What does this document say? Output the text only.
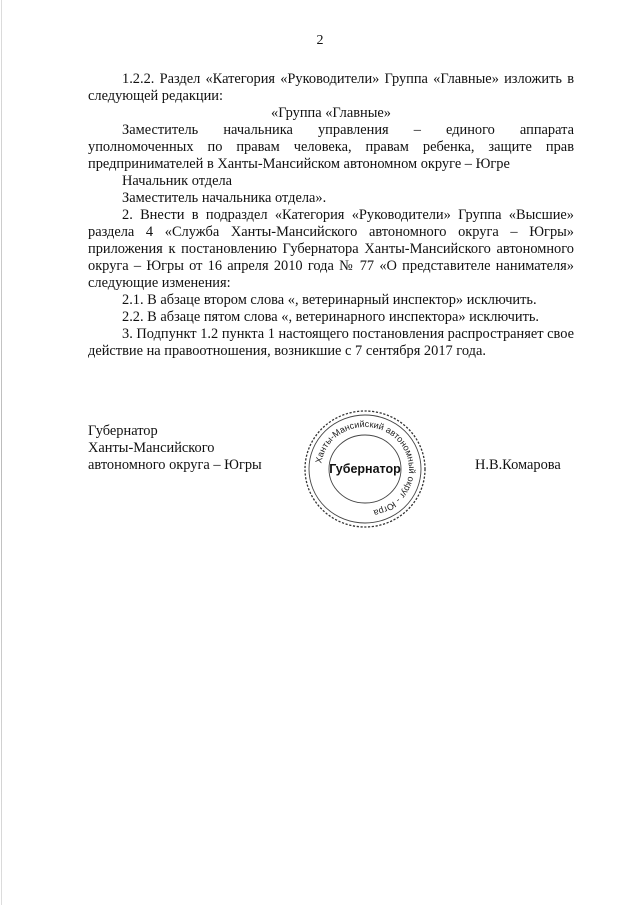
2

1.2.2. Раздел «Категория «Руководители» Группа «Главные» изложить в следующей редакции:

«Группа «Главные»

Заместитель начальника управления – единого аппарата уполномоченных по правам человека, правам ребенка, защите прав предпринимателей в Ханты-Мансийском автономном округе – Югре

Начальник отдела

Заместитель начальника отдела».

2. Внести в подраздел «Категория «Руководители» Группа «Высшие» раздела 4 «Служба Ханты-Мансийского автономного округа – Югры» приложения к постановлению Губернатора Ханты-Мансийского автономного округа – Югры от 16 апреля 2010 года № 77 «О представителе нанимателя» следующие изменения:

2.1. В абзаце втором слова «, ветеринарный инспектор» исключить.

2.2. В абзаце пятом слова «, ветеринарного инспектора» исключить.

3. Подпункт 1.2 пункта 1 настоящего постановления распространяет свое действие на правоотношения, возникшие с 7 сентября 2017 года.

Губернатор

Ханты-Мансийского

автономного округа – Югры	Ханты-Мансийский автономный округ - Югра
Губернатор	Н.В.Комарова
